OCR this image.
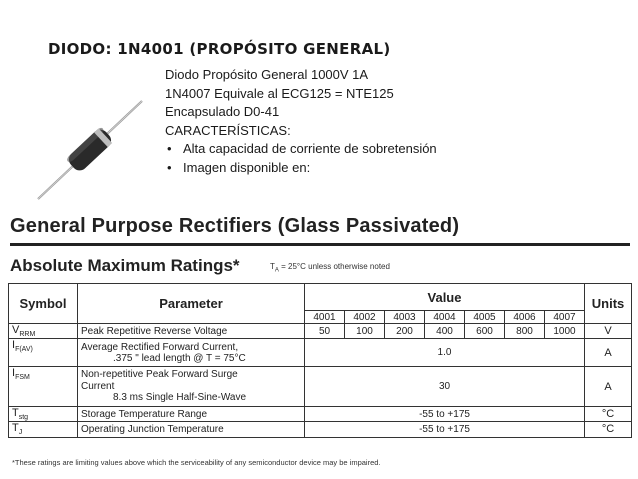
DIODO: 1N4001 (PROPÓSITO GENERAL)
Diodo Propósito General 1000V 1A
1N4007 Equivale al ECG125 = NTE125
Encapsulado D0-41
CARACTERÍSTICAS:
• Alta capacidad de corriente de sobretensión
• Imagen disponible en:
General Purpose Rectifiers (Glass Passivated)
Absolute Maximum Ratings*	$T_A = 25^\circ C$ unless otherwise noted
Symbol	Parameter	Value							Units
		4001	4002	4003	4004	4005	4006	4007	
$V_{RRM}$	Peak Repetitive Reverse Voltage	50	100	200	400	600	800	1000	V
$I_{F(AV)}$	Average Rectified Forward Current,
.375 " lead length @ T = 75°C	1.0							A
$I_{FSM}$	Non-repetitive Peak Forward Surge
Current
8.3 ms Single Half-Sine-Wave	30							A
$T_{stg}$	Storage Temperature Range	-55 to +175							°C
$T_J$	Operating Junction Temperature	-55 to +175							°C
*These ratings are limiting values above which the serviceability of any semiconductor device may be impaired.
